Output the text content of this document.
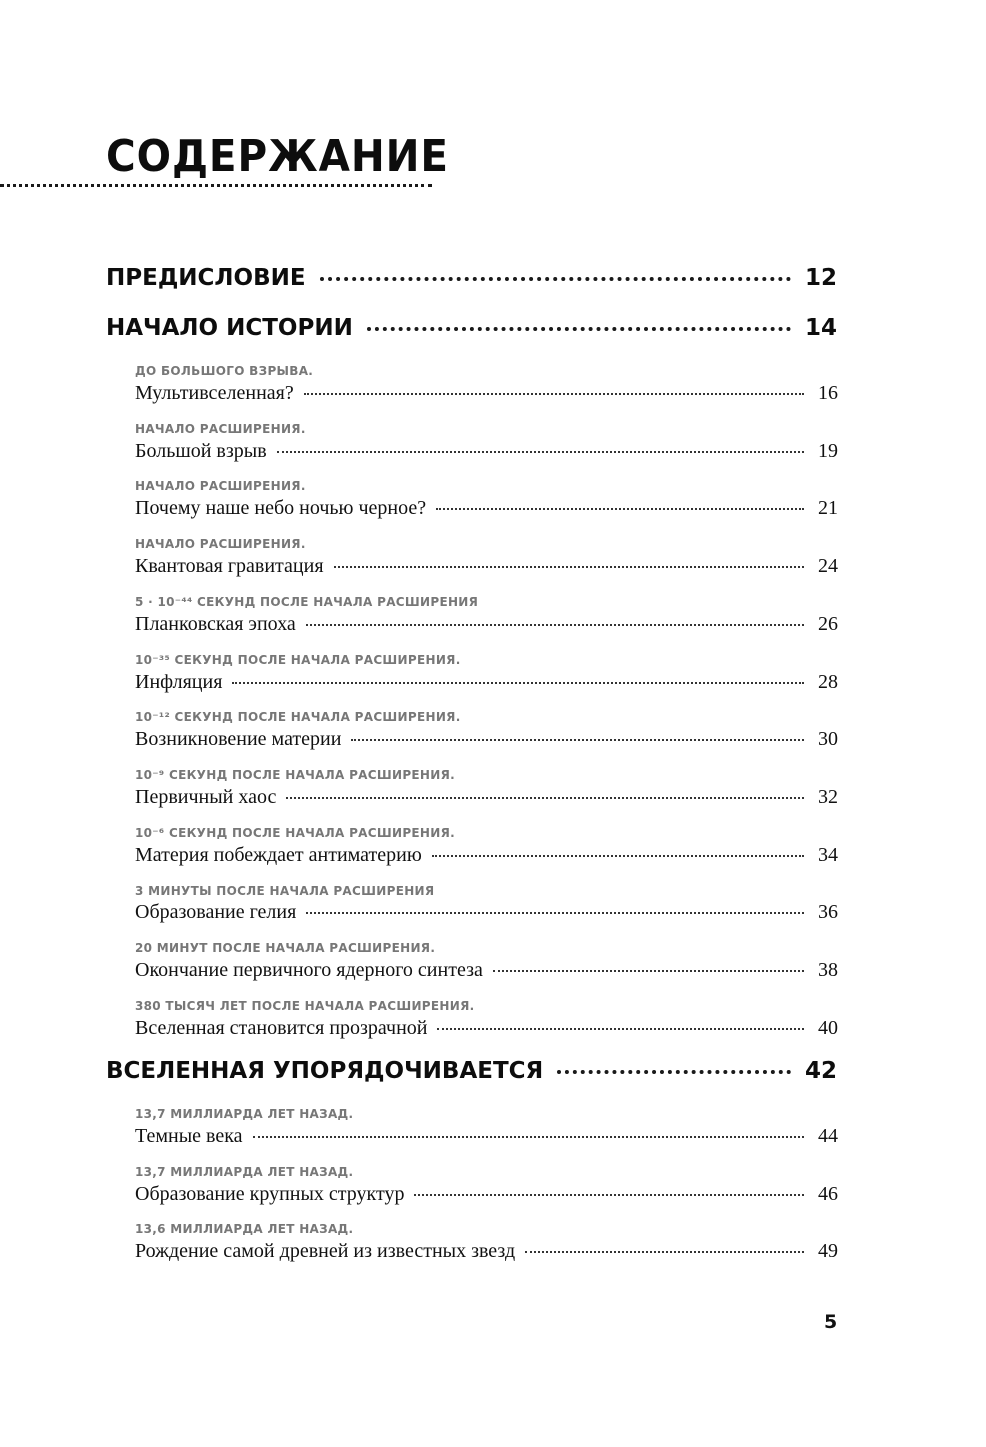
СОДЕРЖАНИЕ
ПРЕДИСЛОВИЕ	12
НАЧАЛО ИСТОРИИ	14
ДО БОЛЬШОГО ВЗРЫВА.
Мультивселенная?	16
НАЧАЛО РАСШИРЕНИЯ.
Большой взрыв	19
НАЧАЛО РАСШИРЕНИЯ.
Почему наше небо ночью черное?	21
НАЧАЛО РАСШИРЕНИЯ.
Квантовая гравитация	24
5 · 10⁻⁴⁴ СЕКУНД ПОСЛЕ НАЧАЛА РАСШИРЕНИЯ
Планковская эпоха	26
10⁻³⁵ СЕКУНД ПОСЛЕ НАЧАЛА РАСШИРЕНИЯ.
Инфляция	28
10⁻¹² СЕКУНД ПОСЛЕ НАЧАЛА РАСШИРЕНИЯ.
Возникновение материи	30
10⁻⁹ СЕКУНД ПОСЛЕ НАЧАЛА РАСШИРЕНИЯ.
Первичный хаос	32
10⁻⁶ СЕКУНД ПОСЛЕ НАЧАЛА РАСШИРЕНИЯ.
Материя побеждает антиматерию	34
3 МИНУТЫ ПОСЛЕ НАЧАЛА РАСШИРЕНИЯ
Образование гелия	36
20 МИНУТ ПОСЛЕ НАЧАЛА РАСШИРЕНИЯ.
Окончание первичного ядерного синтеза	38
380 ТЫСЯЧ ЛЕТ ПОСЛЕ НАЧАЛА РАСШИРЕНИЯ.
Вселенная становится прозрачной	40
ВСЕЛЕННАЯ УПОРЯДОЧИВАЕТСЯ	42
13,7 МИЛЛИАРДА ЛЕТ НАЗАД.
Темные века	44
13,7 МИЛЛИАРДА ЛЕТ НАЗАД.
Образование крупных структур	46
13,6 МИЛЛИАРДА ЛЕТ НАЗАД.
Рождение самой древней из известных звезд	49
5
